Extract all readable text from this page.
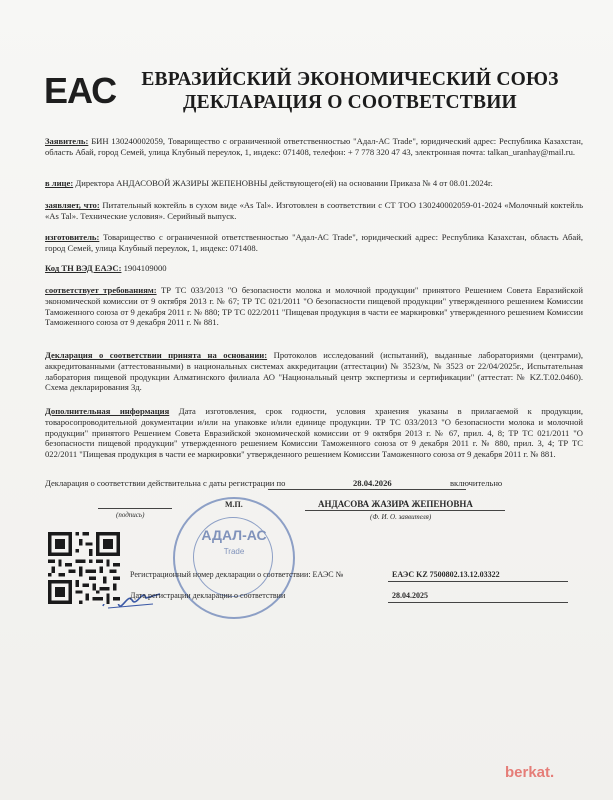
ЕАС	ЕВРАЗИЙСКИЙ ЭКОНОМИЧЕСКИЙ СОЮЗ
ДЕКЛАРАЦИЯ О СООТВЕТСТВИИ
Заявитель: БИН 130240002059, Товарищество с ограниченной ответственностью "Адал-АС Trade", юридический адрес: Республика Казахстан, область Абай, город Семей, улица Клубный переулок, 1, индекс: 071408, телефон: + 7 778 320 47 43, электронная почта: talkan_uranhay@mail.ru.
в лице: Директора АНДАСОВОЙ ЖАЗИРЫ ЖЕПЕНОВНЫ действующего(ей) на основании Приказа № 4 от 08.01.2024г.
заявляет, что: Питательный коктейль в сухом виде «As Tal». Изготовлен в соответствии с СТ ТОО 130240002059-01-2024 «Молочный коктейль «As Tal». Технические условия». Серийный выпуск.
изготовитель: Товарищество с ограниченной ответственностью "Адал-АС Trade", юридический адрес: Республика Казахстан, область Абай, город Семей, улица Клубный переулок, 1, индекс: 071408.
Код ТН ВЭД ЕАЭС: 1904109000
соответствует требованиям: ТР ТС 033/2013 "О безопасности молока и молочной продукции" принятого Решением Совета Евразийской экономической комиссии от 9 октября 2013 г. № 67; ТР ТС 021/2011 "О безопасности пищевой продукции" утвержденного решением Комиссии Таможенного союза от 9 декабря 2011 г. № 880; ТР ТС 022/2011 "Пищевая продукция в части ее маркировки" утвержденного решением Комиссии Таможенного союза от 9 декабря 2011 г. № 881.
Декларация о соответствии принята на основании: Протоколов исследований (испытаний), выданные лабораториями (центрами), аккредитованными (аттестованными) в национальных системах аккредитации (аттестации) № 3523/м, № 3523 от 22/04/2025г., Испытательная лаборатория пищевой продукции Алматинского филиала АО "Национальный центр экспертизы и сертификации" (аттестат: № KZ.T.02.0460). Схема декларирования 3д.
Дополнительная информация Дата изготовления, срок годности, условия хранения указаны в прилагаемой к продукции, товаросопроводительной документации и/или на упаковке и/или единице продукции. ТР ТС 033/2013 "О безопасности молока и молочной продукции" принятого Решением Совета Евразийской экономической комиссии от 9 октября 2013 г. № 67, прил. 4, 8; ТР ТС 021/2011 "О безопасности пищевой продукции" утвержденного решением Комиссии Таможенного союза от 9 декабря 2011 г. № 880, прил. 3, 4; ТР ТС 022/2011 "Пищевая продукция в части ее маркировки" утвержденного решением Комиссии Таможенного союза от 9 декабря 2011 г. № 881.
Декларация о соответствии действительна с даты регистрации по	28.04.2026	включительно
(подпись)
М.П.	АНДАСОВА ЖАЗИРА ЖЕПЕНОВНА
(Ф. И. О. заявителя)
АДАЛ-АС
Trade
Регистрационный номер декларации о соответствии: ЕАЭС №	ЕАЭС KZ 7500802.13.12.03322
Дата регистрации декларации о соответствии	28.04.2025
berkat.
